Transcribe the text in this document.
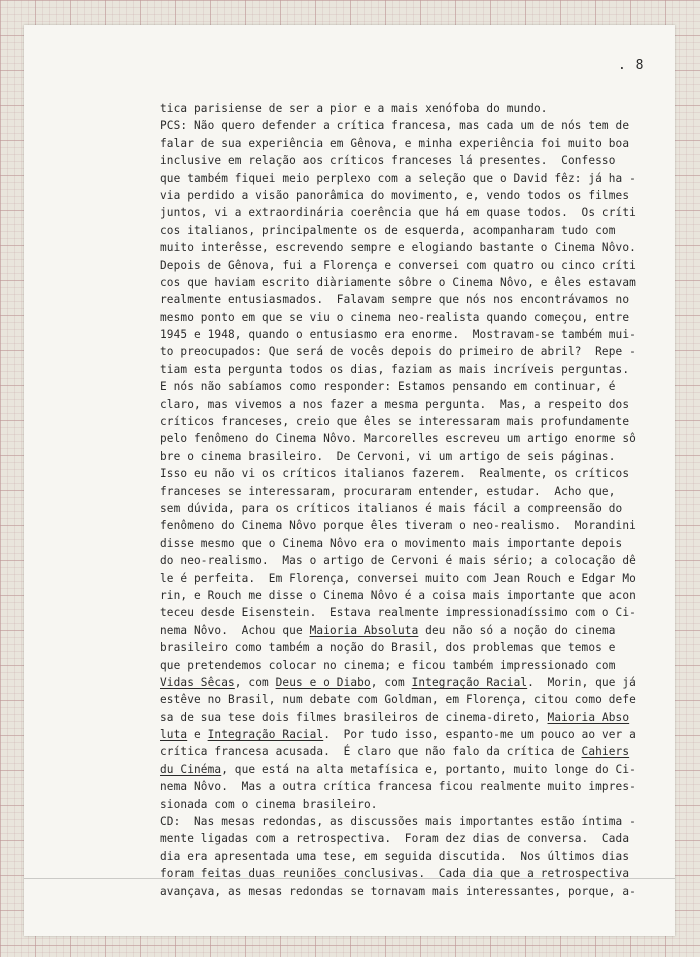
. 8
tica parisiense de ser a pior e a mais xenófoba do mundo.
PCS: Não quero defender a crítica francesa, mas cada um de nós tem de
falar de sua experiência em Gênova, e minha experiência foi muito boa
inclusive em relação aos críticos franceses lá presentes.  Confesso
que também fiquei meio perplexo com a seleção que o David fêz: já ha -
via perdido a visão panorâmica do movimento, e, vendo todos os filmes
juntos, vi a extraordinária coerência que há em quase todos.  Os críti
cos italianos, principalmente os de esquerda, acompanharam tudo com
muito interêsse, escrevendo sempre e elogiando bastante o Cinema Nôvo.
Depois de Gênova, fui a Florença e conversei com quatro ou cinco críti
cos que haviam escrito diàriamente sôbre o Cinema Nôvo, e êles estavam
realmente entusiasmados.  Falavam sempre que nós nos encontrávamos no
mesmo ponto em que se viu o cinema neo-realista quando começou, entre
1945 e 1948, quando o entusiasmo era enorme.  Mostravam-se também mui-
to preocupados: Que será de vocês depois do primeiro de abril?  Repe -
tiam esta pergunta todos os dias, faziam as mais incríveis perguntas.
E nós não sabíamos como responder: Estamos pensando em continuar, é
claro, mas vivemos a nos fazer a mesma pergunta.  Mas, a respeito dos
críticos franceses, creio que êles se interessaram mais profundamente
pelo fenômeno do Cinema Nôvo. Marcorelles escreveu um artigo enorme sô
bre o cinema brasileiro.  De Cervoni, vi um artigo de seis páginas.
Isso eu não vi os críticos italianos fazerem.  Realmente, os críticos
franceses se interessaram, procuraram entender, estudar.  Acho que,
sem dúvida, para os críticos italianos é mais fácil a compreensão do
fenômeno do Cinema Nôvo porque êles tiveram o neo-realismo.  Morandini
disse mesmo que o Cinema Nôvo era o movimento mais importante depois
do neo-realismo.  Mas o artigo de Cervoni é mais sério; a colocação dê
le é perfeita.  Em Florença, conversei muito com Jean Rouch e Edgar Mo
rin, e Rouch me disse o Cinema Nôvo é a coisa mais importante que acon
teceu desde Eisenstein.  Estava realmente impressionadíssimo com o Ci-
nema Nôvo.  Achou que Maioria Absoluta deu não só a noção do cinema
brasileiro como também a noção do Brasil, dos problemas que temos e
que pretendemos colocar no cinema; e ficou também impressionado com
Vidas Sêcas, com Deus e o Diabo, com Integração Racial.  Morin, que já
estêve no Brasil, num debate com Goldman, em Florença, citou como defe
sa de sua tese dois filmes brasileiros de cinema-direto, Maioria Abso
luta e Integração Racial.  Por tudo isso, espanto-me um pouco ao ver a
crítica francesa acusada.  É claro que não falo da crítica de Cahiers
du Cinéma, que está na alta metafísica e, portanto, muito longe do Ci-
nema Nôvo.  Mas a outra crítica francesa ficou realmente muito impres-
sionada com o cinema brasileiro.
CD:  Nas mesas redondas, as discussões mais importantes estão íntima -
mente ligadas com a retrospectiva.  Foram dez dias de conversa.  Cada
dia era apresentada uma tese, em seguida discutida.  Nos últimos dias
foram feitas duas reuniões conclusivas.  Cada dia que a retrospectiva
avançava, as mesas redondas se tornavam mais interessantes, porque, a-
